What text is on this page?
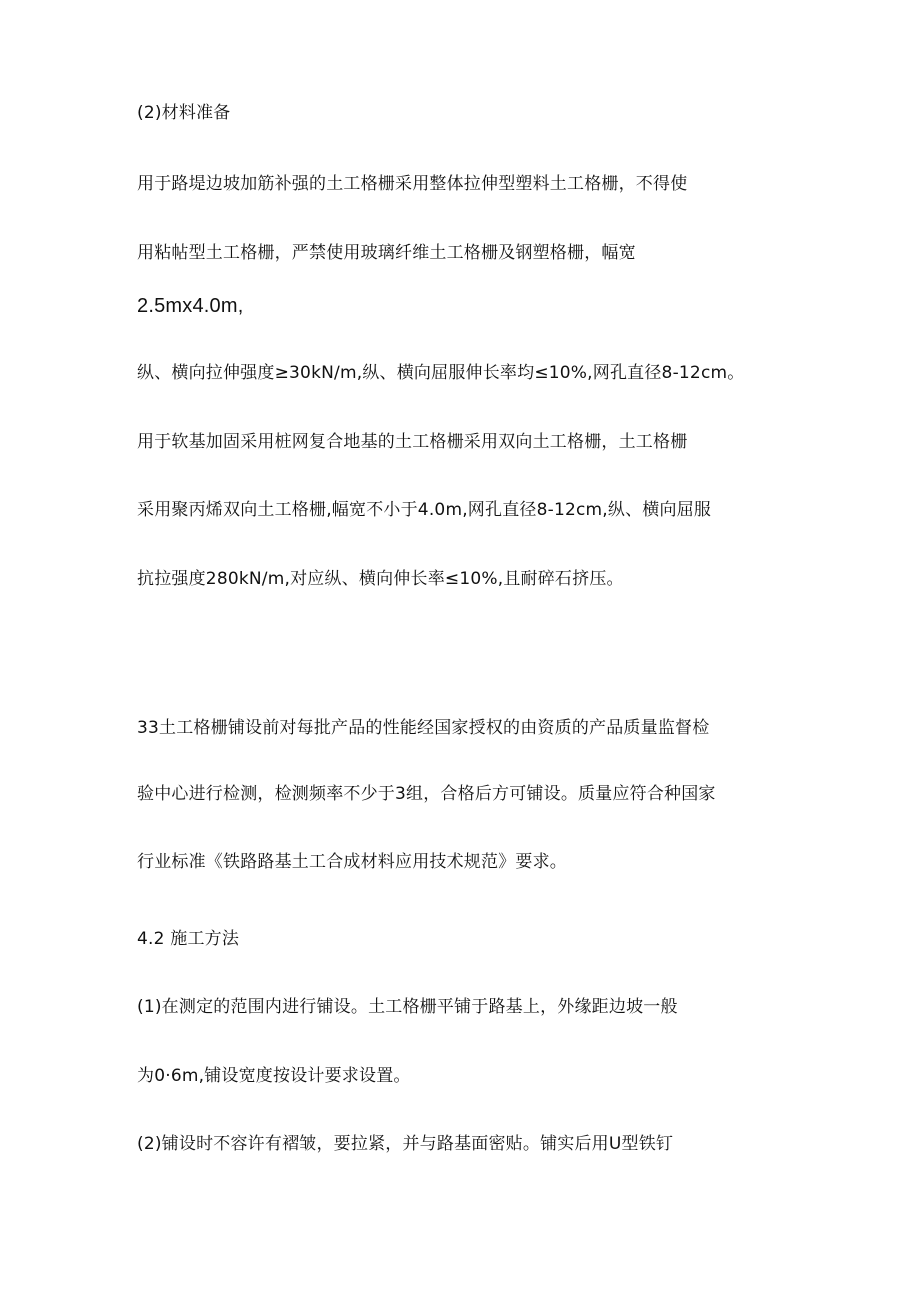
(2)材料准备
用于路堤边坡加筋补强的土工格栅采用整体拉伸型塑料土工格栅，不得使
用粘帖型土工格栅，严禁使用玻璃纤维土工格栅及钢塑格栅，幅宽
2.5mx4.0m,
纵、横向拉伸强度≥30kN∕m,纵、横向屈服伸长率均≤10%,网孔直径8-12cm。
用于软基加固采用桩网复合地基的土工格栅采用双向土工格栅，土工格栅
采用聚丙烯双向土工格栅,幅宽不小于4.0m,网孔直径8-12cm,纵、横向屈服
抗拉强度280kN∕m,对应纵、横向伸长率≤10%,且耐碎石挤压。
33土工格栅铺设前对每批产品的性能经国家授权的由资质的产品质量监督检
验中心进行检测，检测频率不少于3组，合格后方可铺设。质量应符合种国家
行业标准《铁路路基土工合成材料应用技术规范》要求。
4.2 施工方法
(1)在测定的范围内进行铺设。土工格栅平铺于路基上，外缘距边坡一般
为0·6m,铺设宽度按设计要求设置。
(2)铺设时不容许有褶皱，要拉紧，并与路基面密贴。铺实后用U型铁钉
